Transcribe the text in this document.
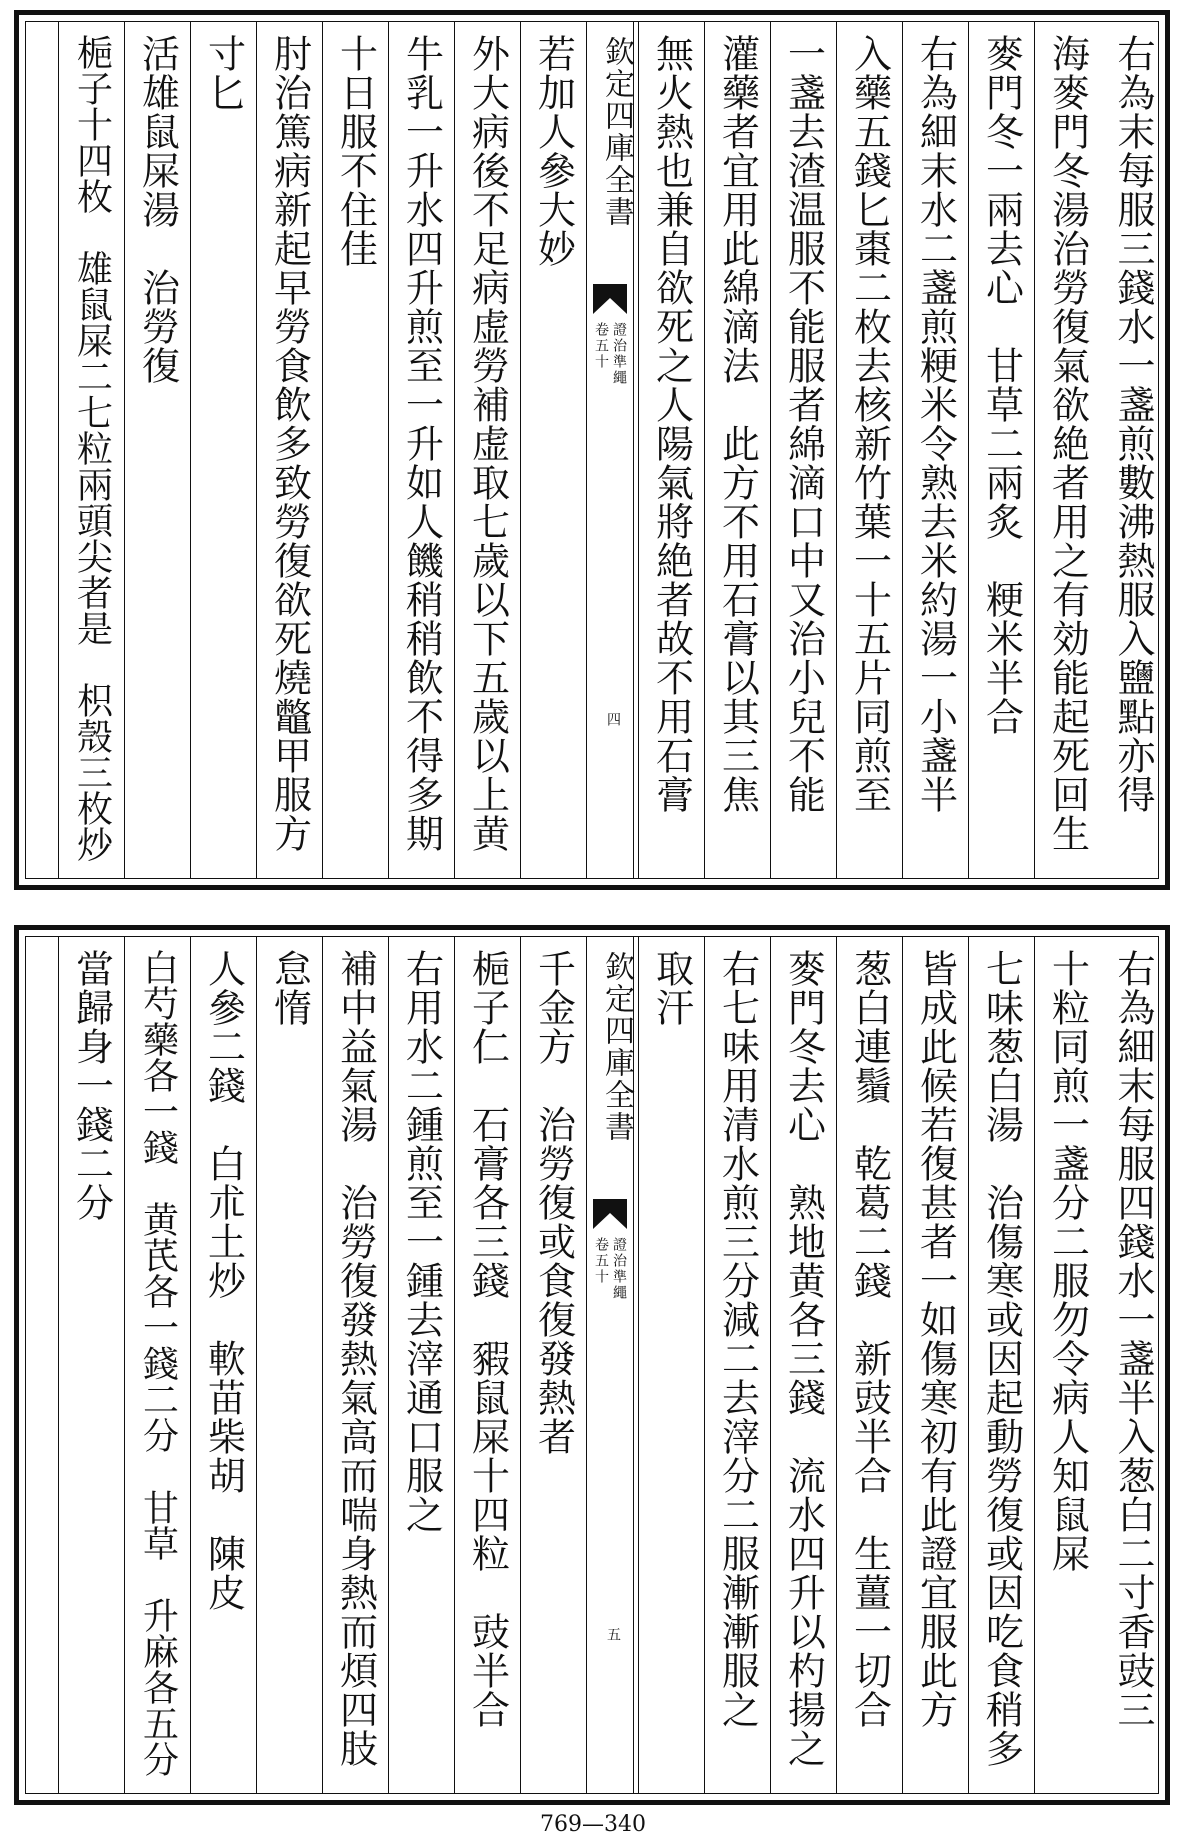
右為末每服三錢水一盞煎數沸熱服入鹽點亦得
海麥門冬湯治勞復氣欲絶者用之有効能起死回生
麥門冬一兩去心　甘草二兩炙　粳米半合
右為細末水二盞煎粳米令熟去米約湯一小盞半
入藥五錢匕棗二枚去核新竹葉一十五片同煎至
一盞去渣温服不能服者綿滴口中又治小兒不能
灌藥者宜用此綿滴法　此方不用石膏以其三焦
無火熱也兼自欲死之人陽氣將絶者故不用石膏
欽定四庫全書
證治準繩
卷五十
四
若加人參大妙
外大病後不足病虚勞補虚取七歲以下五歲以上黄
牛乳一升水四升煎至一升如人饑稍稍飲不得多期
十日服不住佳
肘治篤病新起早勞食飲多致勞復欲死燒鼈甲服方
寸匕
活雄鼠屎湯　治勞復
梔子十四枚　雄鼠屎二七粒兩頭尖者是　枳殼三枚炒
右為細末每服四錢水一盞半入葱白二寸香豉三
十粒同煎一盞分二服勿令病人知鼠屎
七味葱白湯　治傷寒或因起動勞復或因吃食稍多
皆成此候若復甚者一如傷寒初有此證宜服此方
葱白連鬚　乾葛二錢　新豉半合　生薑一切合
麥門冬去心　熟地黄各三錢　流水四升以杓揚之
右七味用清水煎三分減二去滓分二服漸漸服之
取汗
欽定四庫全書
證治準繩
卷五十
五
千金方　治勞復或食復發熱者
梔子仁　石膏各三錢　豭鼠屎十四粒　豉半合
右用水二鍾煎至一鍾去滓通口服之
補中益氣湯　治勞復發熱氣高而喘身熱而煩四肢
怠惰
人參二錢　白朮土炒　軟苗柴胡　陳皮
白芍藥各一錢　黄芪各一錢二分　甘草　升麻各五分
當歸身一錢二分
769—340
